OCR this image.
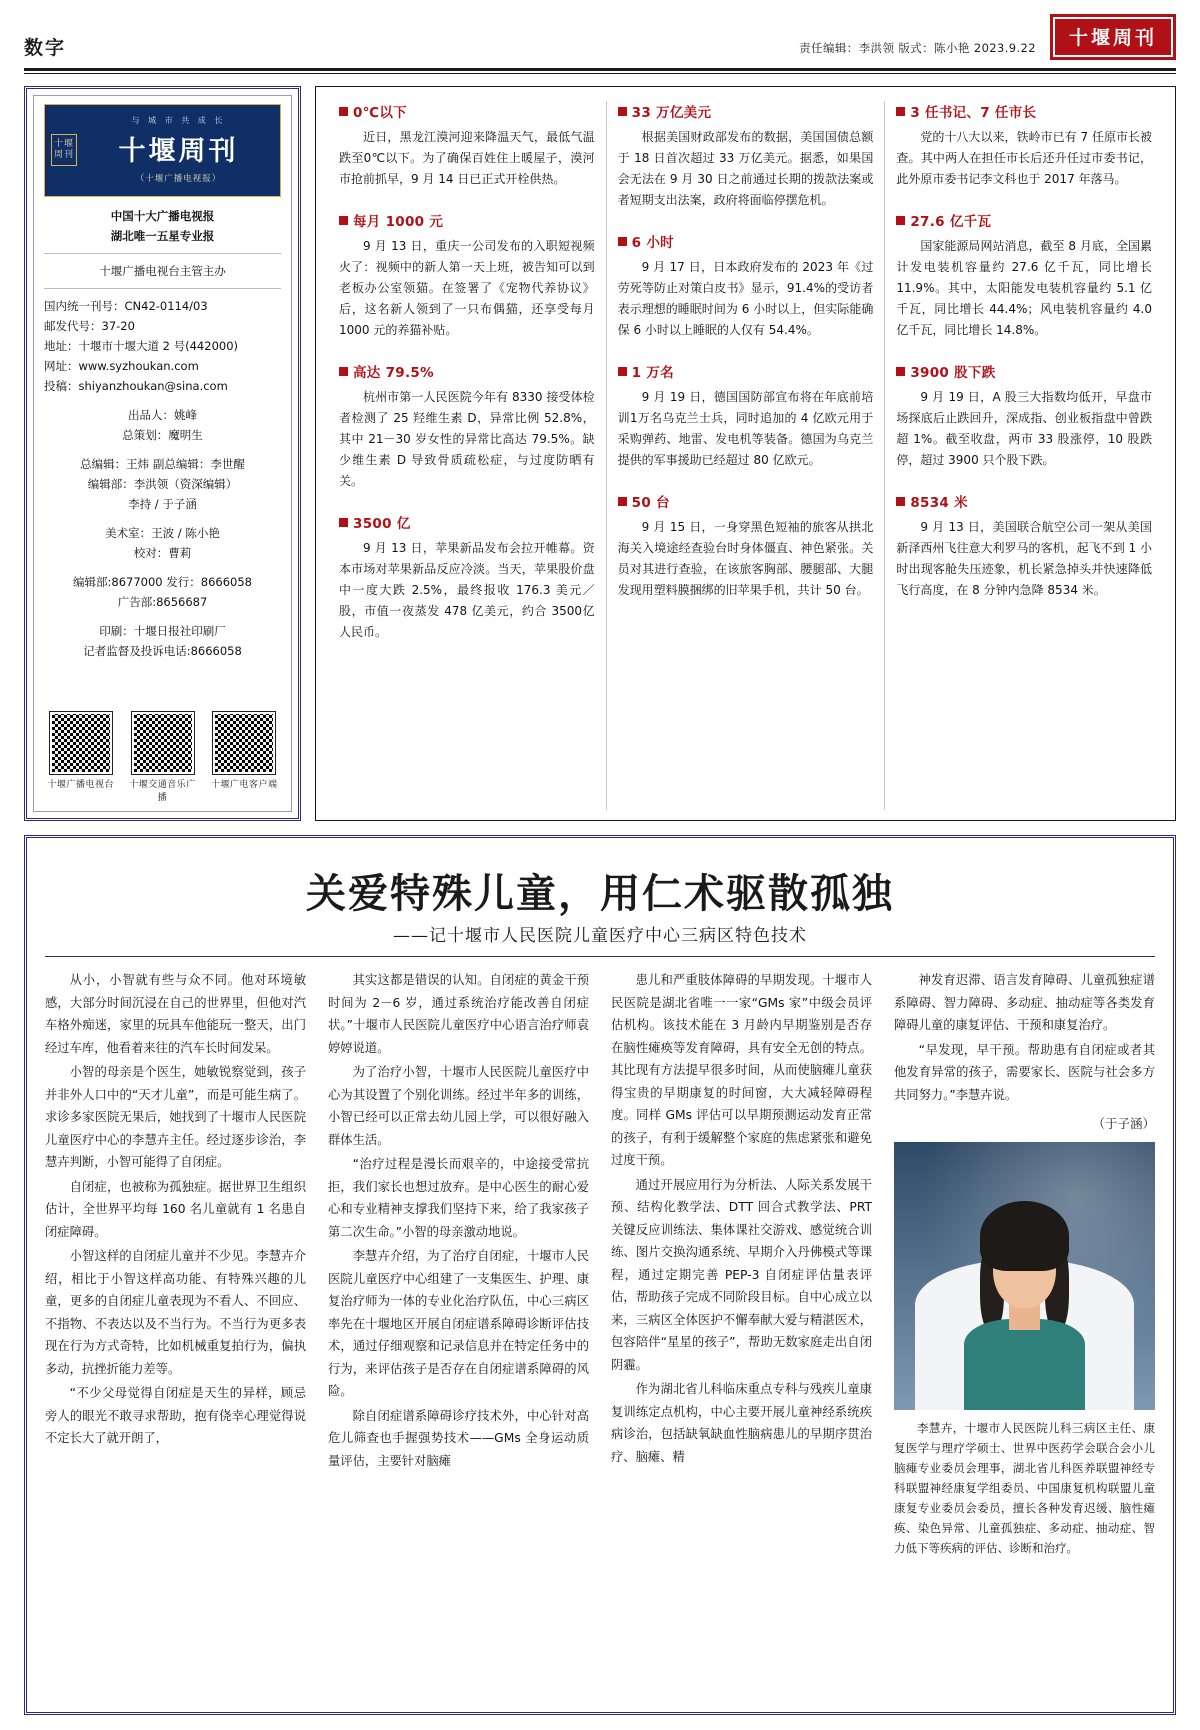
数字	责任编辑：李洪领 版式：陈小艳 2023.9.22	十堰周刊
十堰周刊
与 城 市 共 成 长
十堰周刊
（十堰广播电视报）
中国十大广播电视报
湖北唯一五星专业报
十堰广播电视台主管主办
国内统一刊号：CN42-0114/03
邮发代号：37-20
地址：十堰市十堰大道 2 号(442000)
网址：www.syzhoukan.com
投稿：shiyanzhoukan@sina.com
出品人：姚峰
总策划：魔明生
总编辑：王炜 副总编辑：李世醒
编辑部：李洪领（资深编辑）
李持 / 于子涵
美术室：王波 / 陈小艳
校对：曹莉
编辑部:8677000 发行：8666058
广告部:8656687
印刷：十堰日报社印刷厂
记者监督及投诉电话:8666058
十堰广播电视台	十堰交通音乐广播
十堰广电客户端
0℃以下
近日，黑龙江漠河迎来降温天气，最低气温跌至0℃以下。为了确保百姓住上暖屋子，漠河市抢前抓早，9 月 14 日已正式开栓供热。
每月 1000 元
9 月 13 日，重庆一公司发布的入职短视频火了：视频中的新人第一天上班，被告知可以到老板办公室领猫。在签署了《宠物代养协议》后，这名新人领到了一只布偶猫，还享受每月 1000 元的养猫补贴。
高达 79.5%
杭州市第一人民医院今年有 8330 接受体检者检测了 25 羟维生素 D，异常比例 52.8%，其中 21－30 岁女性的异常比高达 79.5%。缺少维生素 D 导致骨质疏松症，与过度防晒有关。
3500 亿
9 月 13 日，苹果新品发布会拉开帷幕。资本市场对苹果新品反应冷淡。当天，苹果股价盘中一度大跌 2.5%，最终报收 176.3 美元／股，市值一夜蒸发 478 亿美元，约合 3500亿人民币。
33 万亿美元
根据美国财政部发布的数据，美国国债总额于 18 日首次超过 33 万亿美元。据悉，如果国会无法在 9 月 30 日之前通过长期的拨款法案或者短期支出法案，政府将面临停摆危机。
6 小时
9 月 17 日，日本政府发布的 2023 年《过劳死等防止对策白皮书》显示，91.4%的受访者表示理想的睡眠时间为 6 小时以上，但实际能确保 6 小时以上睡眠的人仅有 54.4%。
1 万名
9 月 19 日，德国国防部宣布将在年底前培训1万名乌克兰士兵，同时追加的 4 亿欧元用于采购弹药、地雷、发电机等装备。德国为乌克兰提供的军事援助已经超过 80 亿欧元。
50 台
9 月 15 日，一身穿黑色短袖的旅客从拱北海关入境途经查验台时身体僵直、神色紧张。关员对其进行查验，在该旅客胸部、腰腿部、大腿发现用塑料膜捆绑的旧苹果手机，共计 50 台。
3 任书记、7 任市长
党的十八大以来，铁岭市已有 7 任原市长被查。其中两人在担任市长后还升任过市委书记，此外原市委书记李文科也于 2017 年落马。
27.6 亿千瓦
国家能源局网站消息，截至 8 月底，全国累计发电装机容量约 27.6 亿千瓦，同比增长 11.9%。其中，太阳能发电装机容量约 5.1 亿千瓦，同比增长 44.4%；风电装机容量约 4.0 亿千瓦，同比增长 14.8%。
3900 股下跌
9 月 19 日，A 股三大指数均低开，早盘市场探底后止跌回升，深成指、创业板指盘中曾跌超 1%。截至收盘，两市 33 股涨停，10 股跌停，超过 3900 只个股下跌。
8534 米
9 月 13 日，美国联合航空公司一架从美国新泽西州飞往意大利罗马的客机，起飞不到 1 小时出现客舱失压迹象，机长紧急掉头并快速降低飞行高度，在 8 分钟内急降 8534 米。
关爱特殊儿童，用仁术驱散孤独
——记十堰市人民医院儿童医疗中心三病区特色技术

从小，小智就有些与众不同。他对环境敏感，大部分时间沉浸在自己的世界里，但他对汽车格外痴迷，家里的玩具车他能玩一整天，出门经过车库，他看着来往的汽车长时间发呆。

小智的母亲是个医生，她敏锐察觉到，孩子并非外人口中的“天才儿童”，而是可能生病了。求诊多家医院无果后，她找到了十堰市人民医院儿童医疗中心的李慧卉主任。经过逐步诊治，李慧卉判断，小智可能得了自闭症。

自闭症，也被称为孤独症。据世界卫生组织估计，全世界平均每 160 名儿童就有 1 名患自闭症障碍。

小智这样的自闭症儿童并不少见。李慧卉介绍，相比于小智这样高功能、有特殊兴趣的儿童，更多的自闭症儿童表现为不看人、不回应、不指物、不表达以及不当行为。不当行为更多表现在行为方式奇特，比如机械重复拍行为，偏执多动，抗挫折能力差等。

“不少父母觉得自闭症是天生的异样，顾忌旁人的眼光不敢寻求帮助，抱有侥幸心理觉得说不定长大了就开朗了，

其实这都是错误的认知。自闭症的黄金干预时间为 2－6 岁，通过系统治疗能改善自闭症状。”十堰市人民医院儿童医疗中心语言治疗师袁婷婷说道。

为了治疗小智，十堰市人民医院儿童医疗中心为其设置了个别化训练。经过半年多的训练，小智已经可以正常去幼儿园上学，可以很好融入群体生活。

“治疗过程是漫长而艰辛的，中途接受常抗拒，我们家长也想过放弃。是中心医生的耐心爱心和专业精神支撑我们坚持下来，给了我家孩子第二次生命。”小智的母亲激动地说。

李慧卉介绍，为了治疗自闭症，十堰市人民医院儿童医疗中心组建了一支集医生、护理、康复治疗师为一体的专业化治疗队伍，中心三病区率先在十堰地区开展自闭症谱系障碍诊断评估技术，通过仔细观察和记录信息并在特定任务中的行为，来评估孩子是否存在自闭症谱系障碍的风险。

除自闭症谱系障碍诊疗技术外，中心针对高危儿筛查也手握强势技术——GMs 全身运动质量评估，主要针对脑瘫

患儿和严重肢体障碍的早期发现。十堰市人民医院是湖北省唯一一家“GMs 家”中级会员评估机构。该技术能在 3 月龄内早期鉴别是否存在脑性瘫痪等发育障碍，具有安全无创的特点。其比现有方法提早很多时间，从而使脑瘫儿童获得宝贵的早期康复的时间窗，大大减轻障碍程度。同样 GMs 评估可以早期预测运动发育正常的孩子，有利于缓解整个家庭的焦虑紧张和避免过度干预。

通过开展应用行为分析法、人际关系发展干预、结构化教学法、DTT 回合式教学法、PRT 关键反应训练法、集体课社交游戏、感觉统合训练、图片交换沟通系统、早期介入丹佛模式等课程，通过定期完善 PEP-3 自闭症评估量表评估，帮助孩子完成不同阶段目标。自中心成立以来，三病区全体医护不懈奉献大爱与精湛医术，包容陪伴“星星的孩子”，帮助无数家庭走出自闭阴霾。

作为湖北省儿科临床重点专科与残疾儿童康复训练定点机构，中心主要开展儿童神经系统疾病诊治，包括缺氧缺血性脑病患儿的早期序贯治疗、脑瘫、精

神发育迟滞、语言发育障碍、儿童孤独症谱系障碍、智力障碍、多动症、抽动症等各类发育障碍儿童的康复评估、干预和康复治疗。

“早发现，早干预。帮助患有自闭症或者其他发育异常的孩子，需要家长、医院与社会多方共同努力。”李慧卉说。

（于子涵）
李慧卉，十堰市人民医院儿科三病区主任、康复医学与理疗学硕士、世界中医药学会联合会小儿脑瘫专业委员会理事，湖北省儿科医养联盟神经专科联盟神经康复学组委员、中国康复机构联盟儿童康复专业委员会委员，擅长各种发育迟缓、脑性瘫痪、染色异常、儿童孤独症、多动症、抽动症、智力低下等疾病的评估、诊断和治疗。
